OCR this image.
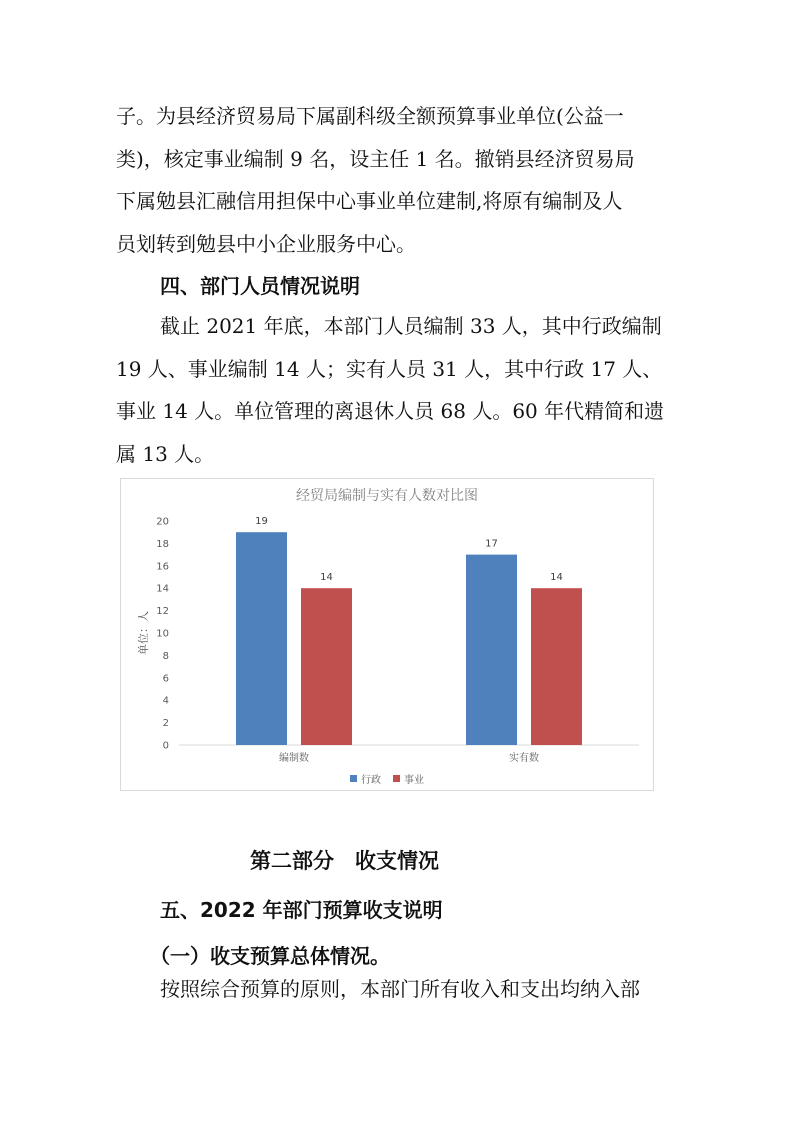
子。为县经济贸易局下属副科级全额预算事业单位(公益一
类)，核定事业编制 9 名，设主任 1 名。撤销县经济贸易局
下属勉县汇融信用担保中心事业单位建制,将原有编制及人
员划转到勉县中小企业服务中心。

四、部门人员情况说明

截止 2021 年底，本部门人员编制 33 人，其中行政编制
19 人、事业编制 14 人；实有人员 31 人，其中行政 17 人、
事业 14 人。单位管理的离退休人员 68 人。60 年代精简和遗
属 13 人。

经贸局编制与实有人数对比图
0
2
4
6
8
10
12
14
16
18
20
单位：人
19
14
编制数
17
14
实有数
行政 事业
第二部分　收支情况
五、2022 年部门预算收支说明
（一）收支预算总体情况。

按照综合预算的原则，本部门所有收入和支出均纳入部
